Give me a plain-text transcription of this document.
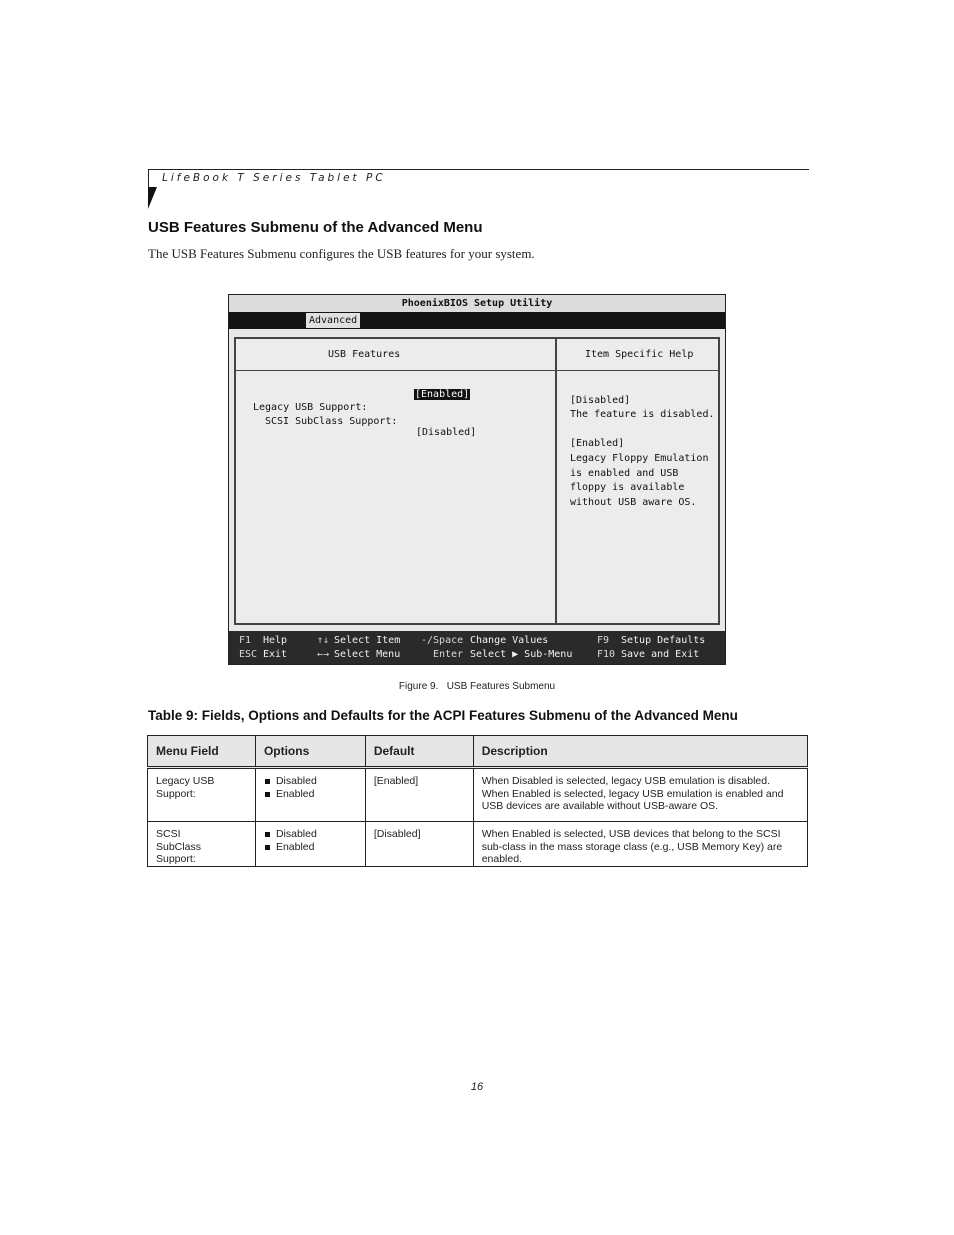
LifeBook T Series Tablet PC
USB Features Submenu of the Advanced Menu
The USB Features Submenu configures the USB features for your system.
PhoenixBIOS Setup Utility
Advanced
USB Features

Legacy USB Support:

[Enabled]

SCSI SubClass Support:

[Disabled]

Item Specific Help
[Disabled]
The feature is disabled.
[Enabled]
Legacy Floppy Emulation
is enabled and USB
floppy is available
without USB aware OS.
F1 Help
ESC Exit
↑↓ Select Item
←→ Select Menu
-/Space Change Values
Enter Select ▶ Sub-Menu
F9 Setup Defaults
F10 Save and Exit
Figure 9.   USB Features Submenu
Table 9: Fields, Options and Defaults for the ACPI Features Submenu of the Advanced Menu
Menu Field	Options	Default	Description

Legacy USB Support:	Disabled
Enabled	[Enabled]	When Disabled is selected, legacy USB emulation is disabled. When Enabled is selected, legacy USB emulation is enabled and USB devices are available without USB-aware OS.

SCSI SubClass Support:	Disabled
Enabled	[Disabled]	When Enabled is selected, USB devices that belong to the SCSI sub-class in the mass storage class (e.g., USB Memory Key) are enabled.
16
